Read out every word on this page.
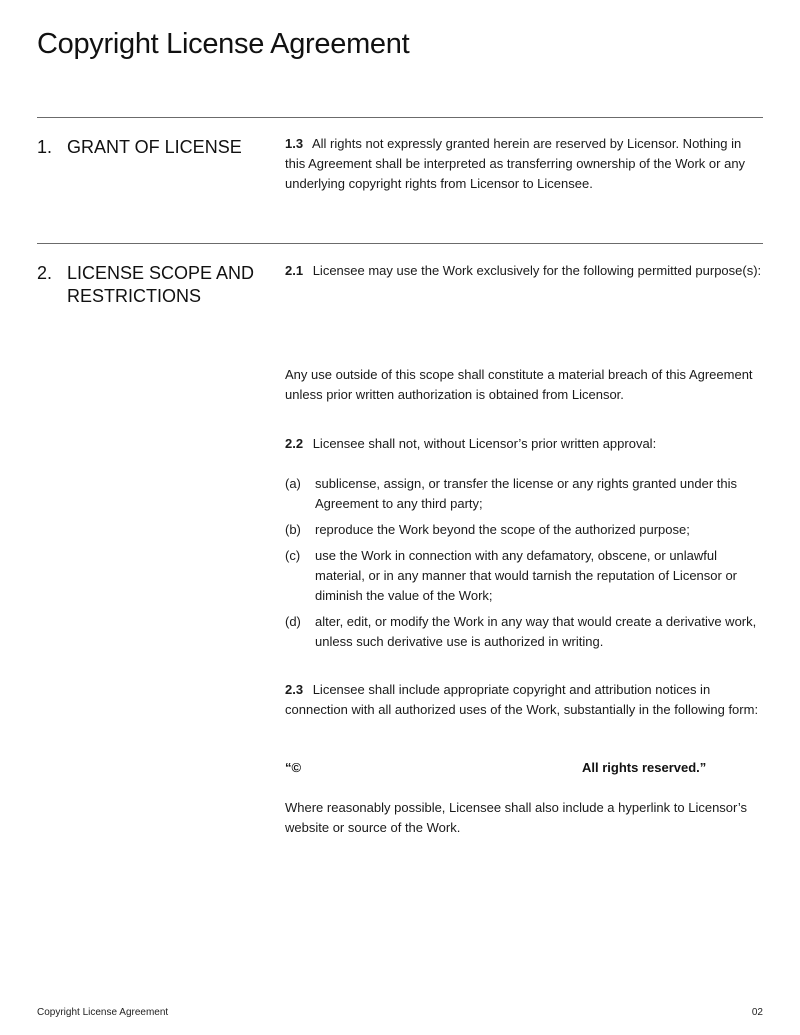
Copyright License Agreement
1. GRANT OF LICENSE	1.3 All rights not expressly granted herein are reserved by Licensor. Nothing in this Agreement shall be interpreted as transferring ownership of the Work or any underlying copyright rights from Licensor to Licensee.

2. LICENSE SCOPE AND RESTRICTIONS

2.1 Licensee may use the Work exclusively for the following permitted purpose(s):

Any use outside of this scope shall constitute a material breach of this Agreement unless prior written authorization is obtained from Licensor.

2.2 Licensee shall not, without Licensor’s prior written approval:

(a)	sublicense, assign, or transfer the license or any rights granted under this Agreement to any third party;
(b)	reproduce the Work beyond the scope of the authorized purpose;
(c)	use the Work in connection with any defamatory, obscene, or unlawful material, or in any manner that would tarnish the reputation of Licensor or diminish the value of the Work;
(d)	alter, edit, or modify the Work in any way that would create a derivative work, unless such derivative use is authorized in writing.

2.3 Licensee shall include appropriate copyright and attribution notices in connection with all authorized uses of the Work, substantially in the following form:

“©	All rights reserved.”

Where reasonably possible, Licensee shall also include a hyperlink to Licensor’s website or source of the Work.

Copyright License Agreement	02
